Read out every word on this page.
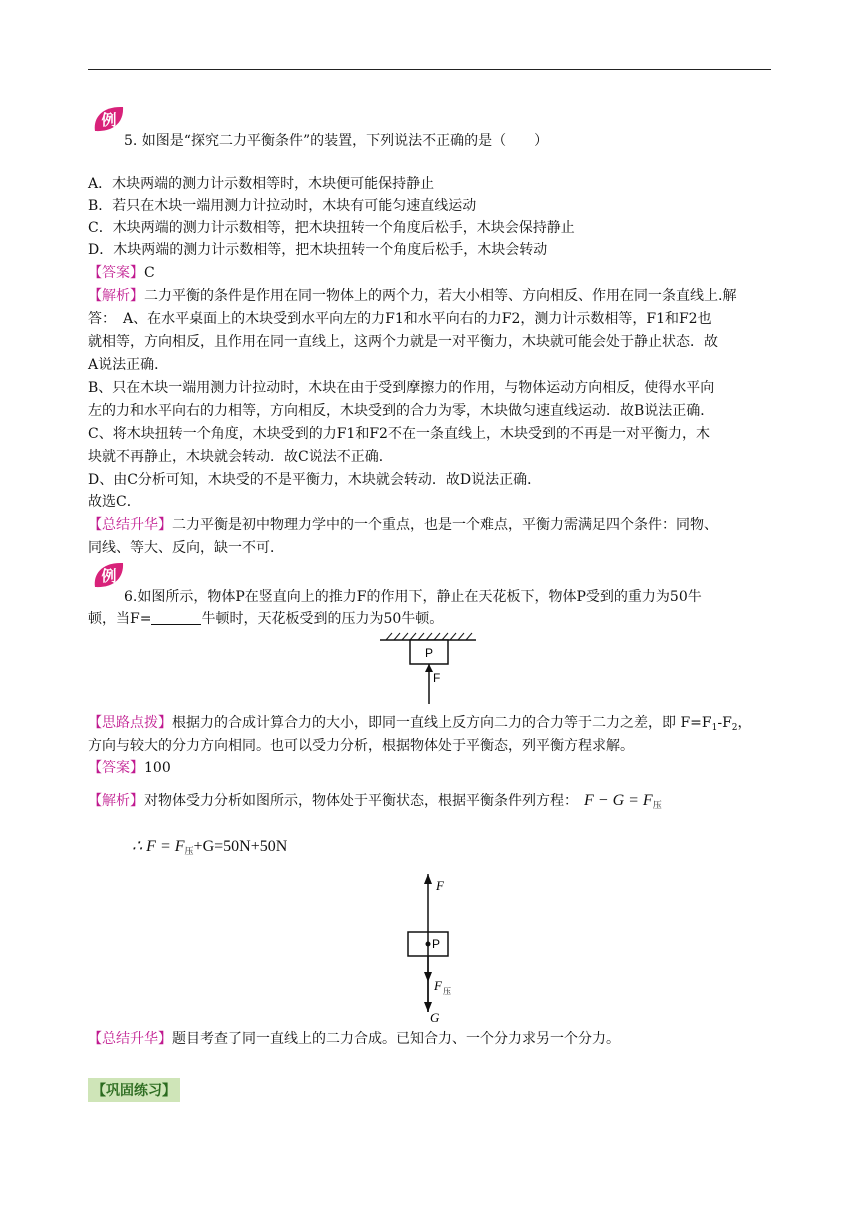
例
5. 如图是“探究二力平衡条件”的装置，下列说法不正确的是（　　）
A．木块两端的测力计示数相等时，木块便可能保持静止
B．若只在木块一端用测力计拉动时，木块有可能匀速直线运动
C．木块两端的测力计示数相等，把木块扭转一个角度后松手，木块会保持静止
D．木块两端的测力计示数相等，把木块扭转一个角度后松手，木块会转动
【答案】C
【解析】二力平衡的条件是作用在同一物体上的两个力，若大小相等、方向相反、作用在同一条直线上.解
答：　A、在水平桌面上的木块受到水平向左的力F1和水平向右的力F2，测力计示数相等，F1和F2也
就相等，方向相反，且作用在同一直线上，这两个力就是一对平衡力，木块就可能会处于静止状态．故
A说法正确．
B、只在木块一端用测力计拉动时，木块在由于受到摩擦力的作用，与物体运动方向相反，使得水平向
左的力和水平向右的力相等，方向相反，木块受到的合力为零，木块做匀速直线运动．故B说法正确．
C、将木块扭转一个角度，木块受到的力F1和F2不在一条直线上，木块受到的不再是一对平衡力，木
块就不再静止，木块就会转动．故C说法不正确．
D、由C分析可知，木块受的不是平衡力，木块就会转动．故D说法正确．
故选C．
【总结升华】二力平衡是初中物理力学中的一个重点，也是一个难点，平衡力需满足四个条件：同物、
同线、等大、反向，缺一不可．
例
6.如图所示，物体P在竖直向上的推力F的作用下，静止在天花板下，物体P受到的重力为50牛
顿，当F=	牛顿时，天花板受到的压力为50牛顿。
P
F
【思路点拨】根据力的合成计算合力的大小，即同一直线上反方向二力的合力等于二力之差，即 $F=F_1-F_2$，
方向与较大的分力方向相同。也可以受力分析，根据物体处于平衡态，列平衡方程求解。
【答案】100
【解析】对物体受力分析如图所示，物体处于平衡状态，根据平衡条件列方程： $F - G = F_压$
∴ $F = F_压+G=50N+50N$
F
P
F 压
G
【总结升华】题目考查了同一直线上的二力合成。已知合力、一个分力求另一个分力。
【巩固练习】
